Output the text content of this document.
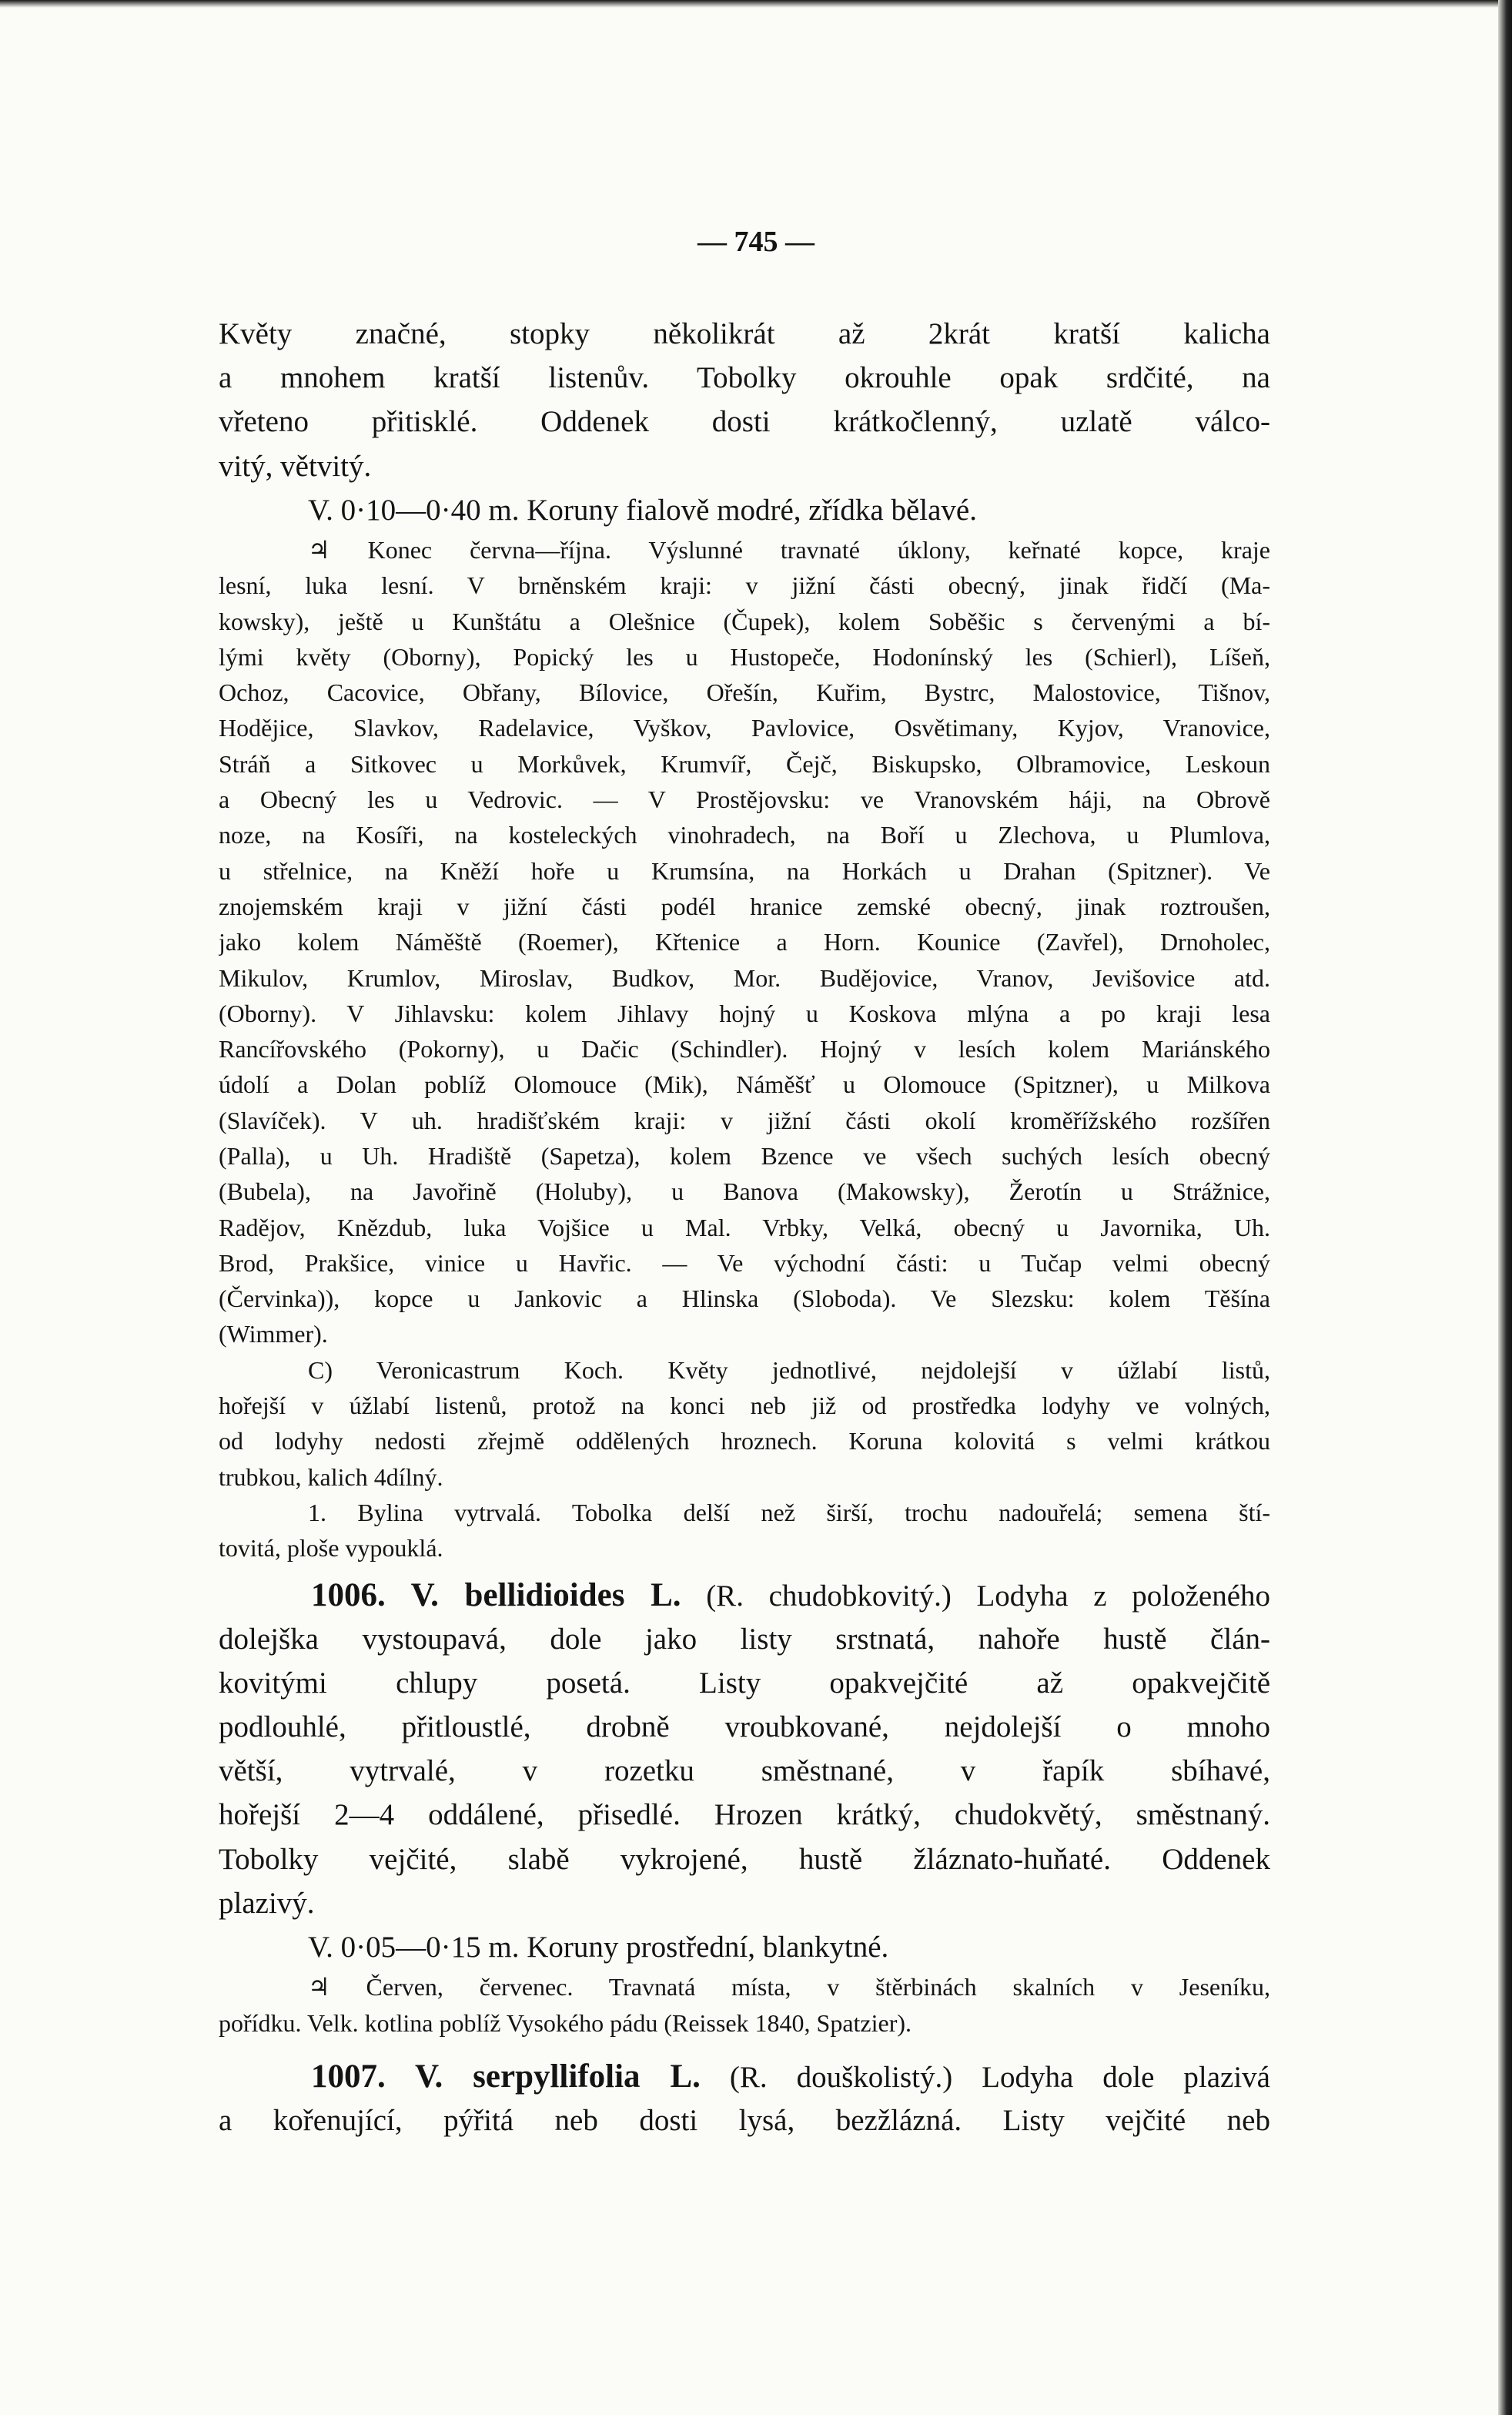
— 745 —
Květy značné, stopky několikrát až 2krát kratší kalicha
a mnohem kratší listenův. Tobolky okrouhle opak srdčité, na
vřeteno přitisklé. Oddenek dosti krátkočlenný, uzlatě válco-
vitý, větvitý.
V. 0·10—0·40 m. Koruny fialově modré, zřídka bělavé.
♃ Konec června—října. Výslunné travnaté úklony, keřnaté kopce, kraje
lesní, luka lesní. V brněnském kraji: v jižní části obecný, jinak řidčí (Ma-
kowsky), ještě u Kunštátu a Olešnice (Čupek), kolem Soběšic s červenými a bí-
lými květy (Oborny), Popický les u Hustopeče, Hodonínský les (Schierl), Líšeň,
Ochoz, Cacovice, Obřany, Bílovice, Ořešín, Kuřim, Bystrc, Malostovice, Tišnov,
Hodějice, Slavkov, Radelavice, Vyškov, Pavlovice, Osvětimany, Kyjov, Vranovice,
Stráň a Sitkovec u Morkůvek, Krumvíř, Čejč, Biskupsko, Olbramovice, Leskoun
a Obecný les u Vedrovic. — V Prostějovsku: ve Vranovském háji, na Obrově
noze, na Kosíři, na kosteleckých vinohradech, na Boří u Zlechova, u Plumlova,
u střelnice, na Kněží hoře u Krumsína, na Horkách u Drahan (Spitzner). Ve
znojemském kraji v jižní části podél hranice zemské obecný, jinak roztroušen,
jako kolem Náměště (Roemer), Křtenice a Horn. Kounice (Zavřel), Drnoholec,
Mikulov, Krumlov, Miroslav, Budkov, Mor. Budějovice, Vranov, Jevišovice atd.
(Oborny). V Jihlavsku: kolem Jihlavy hojný u Koskova mlýna a po kraji lesa
Rancířovského (Pokorny), u Dačic (Schindler). Hojný v lesích kolem Mariánského
údolí a Dolan poblíž Olomouce (Mik), Náměšť u Olomouce (Spitzner), u Milkova
(Slavíček). V uh. hradišťském kraji: v jižní části okolí kroměřížského rozšířen
(Palla), u Uh. Hradiště (Sapetza), kolem Bzence ve všech suchých lesích obecný
(Bubela), na Javořině (Holuby), u Banova (Makowsky), Žerotín u Strážnice,
Radějov, Knězdub, luka Vojšice u Mal. Vrbky, Velká, obecný u Javornika, Uh.
Brod, Prakšice, vinice u Havřic. — Ve východní části: u Tučap velmi obecný
(Červinka)), kopce u Jankovic a Hlinska (Sloboda). Ve Slezsku: kolem Těšína
(Wimmer).
C) Veronicastrum Koch. Květy jednotlivé, nejdolejší v úžlabí listů,
hořejší v úžlabí listenů, protož na konci neb již od prostředka lodyhy ve volných,
od lodyhy nedosti zřejmě oddělených hroznech. Koruna kolovitá s velmi krátkou
trubkou, kalich 4dílný.
1. Bylina vytrvalá. Tobolka delší než širší, trochu nadouřelá; semena ští-
tovitá, ploše vypouklá.
1006. V. bellidioides L. (R. chudobkovitý.) Lodyha z položeného
dolejška vystoupavá, dole jako listy srstnatá, nahoře hustě člán-
kovitými chlupy posetá. Listy opakvejčité až opakvejčitě
podlouhlé, přitloustlé, drobně vroubkované, nejdolejší o mnoho
větší, vytrvalé, v rozetku směstnané, v řapík sbíhavé,
hořejší 2—4 oddálené, přisedlé. Hrozen krátký, chudokvětý, směstnaný.
Tobolky vejčité, slabě vykrojené, hustě žláznato-huňaté. Oddenek
plazivý.
V. 0·05—0·15 m. Koruny prostřední, blankytné.
♃ Červen, červenec. Travnatá místa, v štěrbinách skalních v Jeseníku,
pořídku. Velk. kotlina poblíž Vysokého pádu (Reissek 1840, Spatzier).
1007. V. serpyllifolia L. (R. douškolistý.) Lodyha dole plazivá
a kořenující, pýřitá neb dosti lysá, bezžlázná. Listy vejčité neb
